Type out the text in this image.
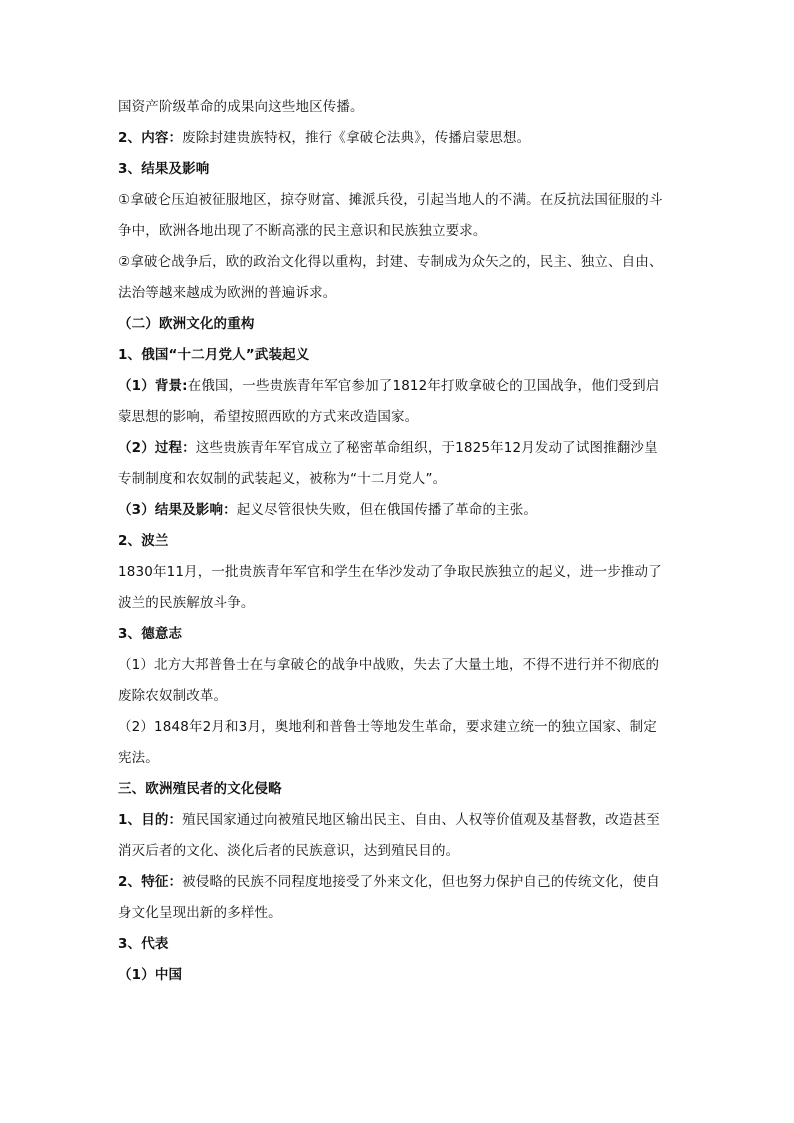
国资产阶级革命的成果向这些地区传播。

2、内容：废除封建贵族特权，推行《拿破仑法典》，传播启蒙思想。

3、结果及影响

①拿破仑压迫被征服地区，掠夺财富、摊派兵役，引起当地人的不满。在反抗法国征服的斗

争中，欧洲各地出现了不断高涨的民主意识和民族独立要求。

②拿破仑战争后，欧的政治文化得以重构，封建、专制成为众矢之的，民主、独立、自由、

法治等越来越成为欧洲的普遍诉求。

（二）欧洲文化的重构

1、俄国“十二月党人”武装起义

（1）背景:在俄国，一些贵族青年军官参加了1812年打败拿破仑的卫国战争，他们受到启

蒙思想的影响，希望按照西欧的方式来改造国家。

（2）过程：这些贵族青年军官成立了秘密革命组织，于1825年12月发动了试图推翻沙皇

专制制度和农奴制的武装起义，被称为“十二月党人”。

（3）结果及影响：起义尽管很快失败，但在俄国传播了革命的主张。

2、波兰

1830年11月，一批贵族青年军官和学生在华沙发动了争取民族独立的起义，进一步推动了

波兰的民族解放斗争。

3、德意志

（1）北方大邦普鲁士在与拿破仑的战争中战败，失去了大量土地，不得不进行并不彻底的

废除农奴制改革。

（2）1848年2月和3月，奥地利和普鲁士等地发生革命，要求建立统一的独立国家、制定

宪法。

三、欧洲殖民者的文化侵略

1、目的：殖民国家通过向被殖民地区输出民主、自由、人权等价值观及基督教，改造甚至

消灭后者的文化、淡化后者的民族意识，达到殖民目的。

2、特征：被侵略的民族不同程度地接受了外来文化，但也努力保护自己的传统文化，使自

身文化呈现出新的多样性。

3、代表

（1）中国
